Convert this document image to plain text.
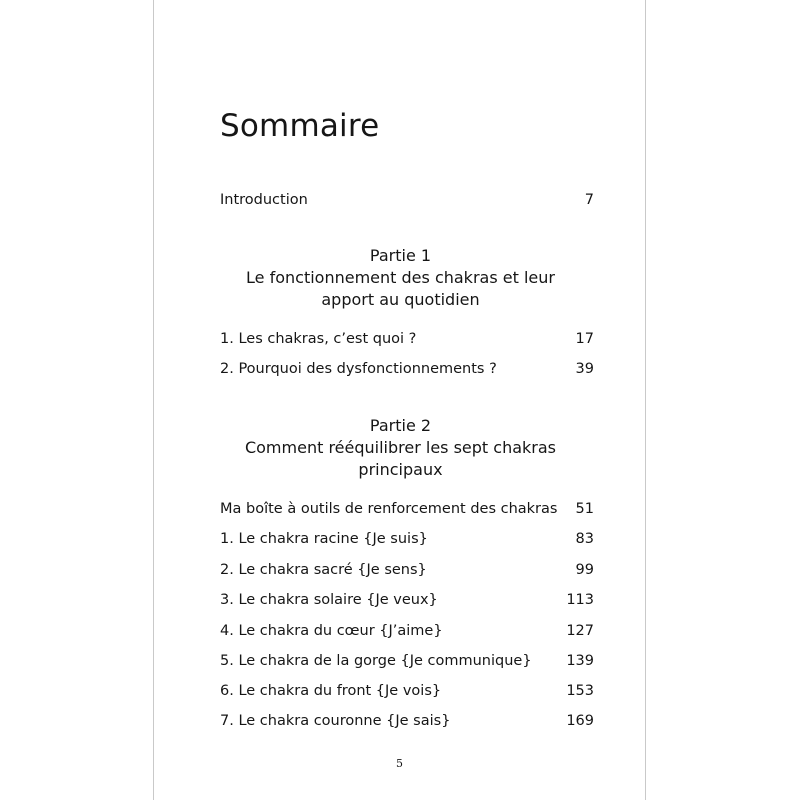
Sommaire
Introduction	7
Partie 1
Le fonctionnement des chakras et leur
apport au quotidien
1. Les chakras, c’est quoi ?	17
2. Pourquoi des dysfonctionnements ?	39
Partie 2
Comment rééquilibrer les sept chakras
principaux
Ma boîte à outils de renforcement des chakras 51
1. Le chakra racine {Je suis}	83
2. Le chakra sacré {Je sens}	99
3. Le chakra solaire {Je veux}	113
4. Le chakra du cœur {J’aime}	127
5. Le chakra de la gorge {Je communique} 139
6. Le chakra du front {Je vois}	153
7. Le chakra couronne {Je sais}	169
5
